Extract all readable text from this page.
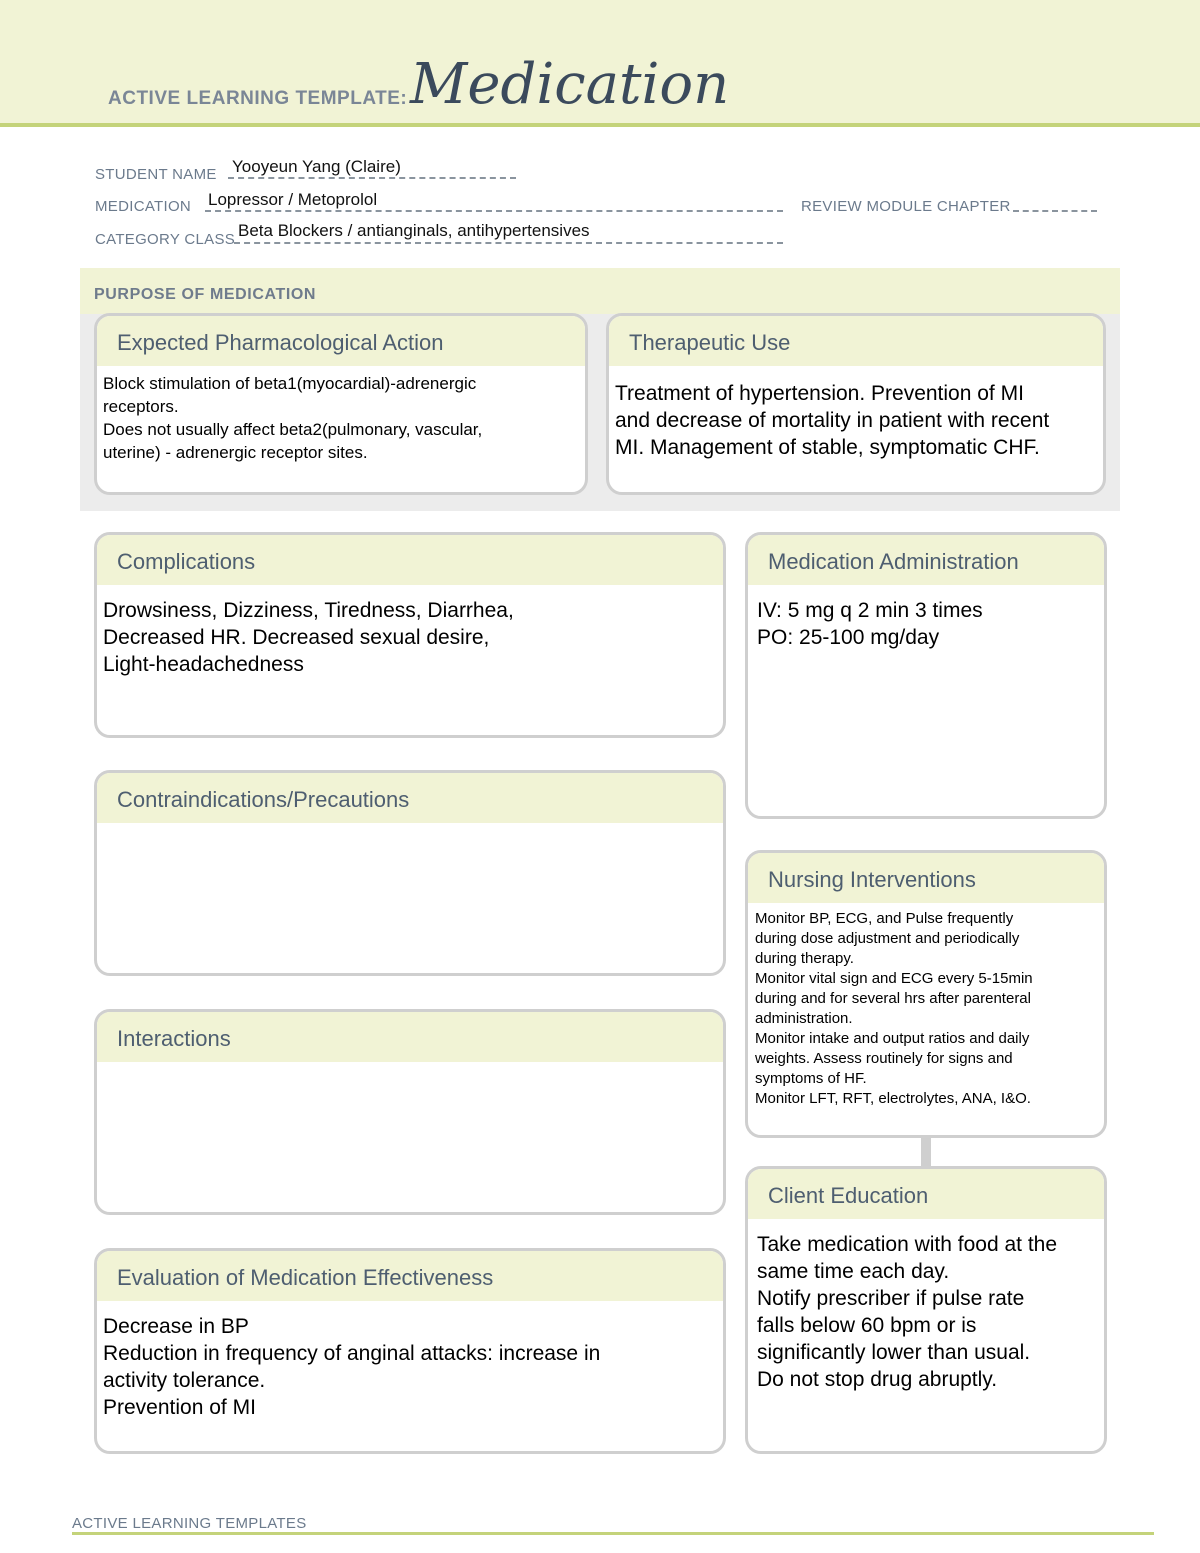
ACTIVE LEARNING TEMPLATE: Medication
STUDENT NAME Yooyeun Yang (Claire)
MEDICATION Lopressor / Metoprolol	REVIEW MODULE CHAPTER
CATEGORY CLASS Beta Blockers / antianginals, antihypertensives
PURPOSE OF MEDICATION
Expected Pharmacological Action
Block stimulation of beta1(myocardial)-adrenergic
receptors.
Does not usually affect beta2(pulmonary, vascular,
uterine) - adrenergic receptor sites.
Therapeutic Use
Treatment of hypertension. Prevention of MI
and decrease of mortality in patient with recent
MI. Management of stable, symptomatic CHF.
Complications
Drowsiness, Dizziness, Tiredness, Diarrhea,
Decreased HR. Decreased sexual desire,
Light-headachedness
Contraindications/Precautions
Interactions
Evaluation of Medication Effectiveness
Decrease in BP
Reduction in frequency of anginal attacks: increase in
activity tolerance.
Prevention of MI
Medication Administration
IV: 5 mg q 2 min 3 times
PO: 25-100 mg/day
Nursing Interventions
Monitor BP, ECG, and Pulse frequently
during dose adjustment and periodically
during therapy.
Monitor vital sign and ECG every 5-15min
during and for several hrs after parenteral
administration.
Monitor intake and output ratios and daily
weights. Assess routinely for signs and
symptoms of HF.
Monitor LFT, RFT, electrolytes, ANA, I&O.
Client Education
Take medication with food at the
same time each day.
Notify prescriber if pulse rate
falls below 60 bpm or is
significantly lower than usual.
Do not stop drug abruptly.
ACTIVE LEARNING TEMPLATES
